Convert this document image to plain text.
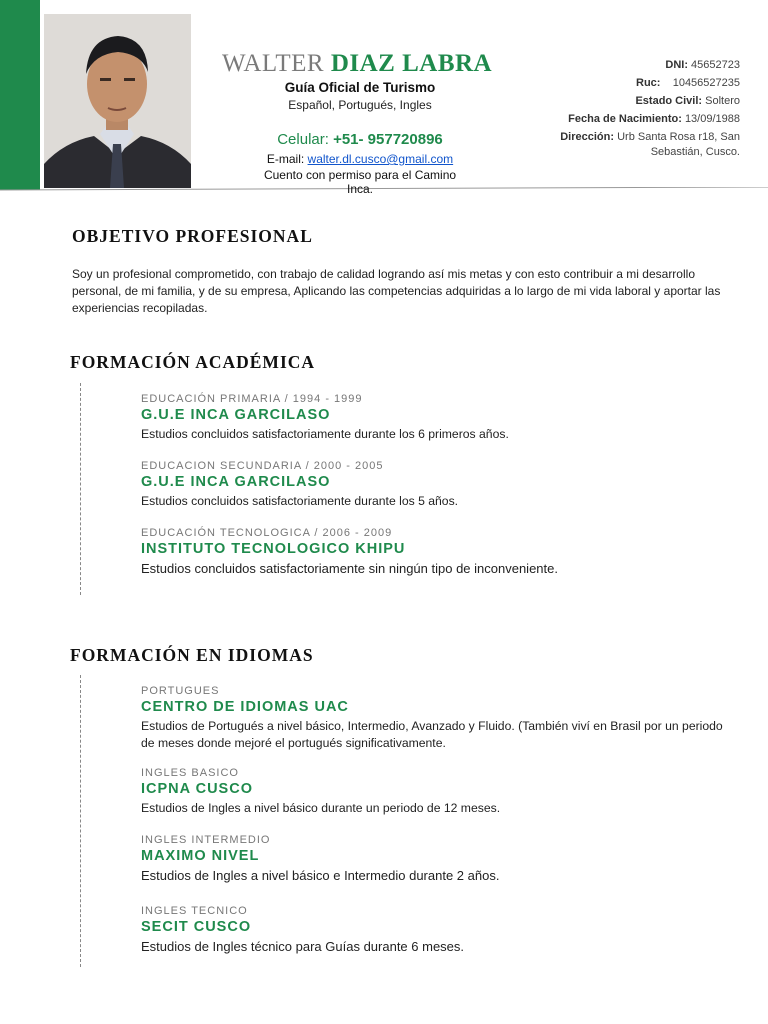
WALTER DIAZ LABRA
Guía Oficial de Turismo
Español, Portugués, Ingles
Celular: +51- 957720896
E-mail: walter.dl.cusco@gmail.com
Cuento con permiso para el Camino Inca.
DNI: 45652723
Ruc: 10456527235
Estado Civil: Soltero
Fecha de Nacimiento: 13/09/1988
Dirección: Urb Santa Rosa r18, San
Sebastián, Cusco.
OBJETIVO PROFESIONAL
Soy un profesional comprometido, con trabajo de calidad logrando así mis metas y con esto contribuir a mi desarrollo personal, de mi familia, y de su empresa, Aplicando las competencias adquiridas a lo largo de mi vida laboral y aportar las experiencias recopiladas.
FORMACIÓN ACADÉMICA
EDUCACIÓN PRIMARIA / 1994 - 1999
G.U.E INCA GARCILASO
Estudios concluidos satisfactoriamente durante los 6 primeros años.
EDUCACION SECUNDARIA / 2000 - 2005
G.U.E INCA GARCILASO
Estudios concluidos satisfactoriamente durante los 5 años.
EDUCACIÓN TECNOLOGICA / 2006 - 2009
INSTITUTO TECNOLOGICO KHIPU
Estudios concluidos satisfactoriamente sin ningún tipo de inconveniente.
FORMACIÓN EN IDIOMAS
PORTUGUES
CENTRO DE IDIOMAS UAC
Estudios de Portugués a nivel básico, Intermedio, Avanzado y Fluido. (También viví en Brasil por un periodo de meses donde mejoré el portugués significativamente.
INGLES BASICO
ICPNA CUSCO
Estudios de Ingles a nivel básico durante un periodo de 12 meses.
INGLES INTERMEDIO
MAXIMO NIVEL
Estudios de Ingles a nivel básico e Intermedio durante 2 años.
INGLES TECNICO
SECIT CUSCO
Estudios de Ingles técnico para Guías durante 6 meses.
